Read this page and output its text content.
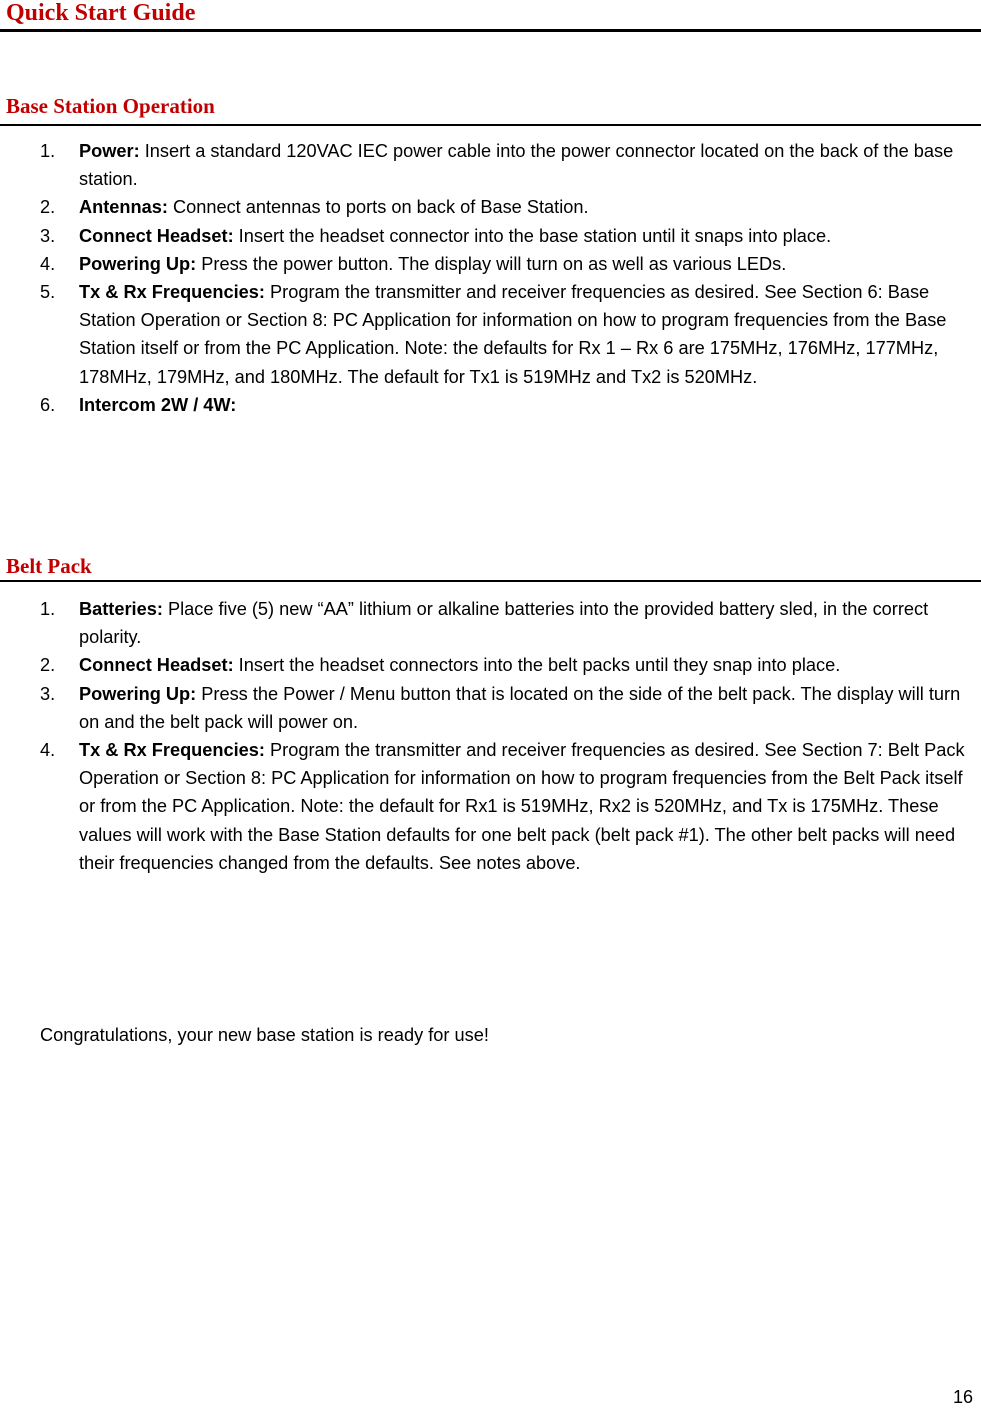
Quick Start Guide
Base Station Operation
1. Power: Insert a standard 120VAC IEC power cable into the power connector located on the back of the base station.
2. Antennas: Connect antennas to ports on back of Base Station.
3. Connect Headset: Insert the headset connector into the base station until it snaps into place.
4. Powering Up: Press the power button. The display will turn on as well as various LEDs.
5. Tx & Rx Frequencies: Program the transmitter and receiver frequencies as desired. See Section 6: Base Station Operation or Section 8: PC Application for information on how to program frequencies from the Base Station itself or from the PC Application. Note: the defaults for Rx 1 – Rx 6 are 175MHz, 176MHz, 177MHz, 178MHz, 179MHz, and 180MHz. The default for Tx1 is 519MHz and Tx2 is 520MHz.
6. Intercom 2W / 4W:
Belt Pack
1. Batteries: Place five (5) new “AA” lithium or alkaline batteries into the provided battery sled, in the correct polarity.
2. Connect Headset: Insert the headset connectors into the belt packs until they snap into place.
3. Powering Up: Press the Power / Menu button that is located on the side of the belt pack. The display will turn on and the belt pack will power on.
4. Tx & Rx Frequencies: Program the transmitter and receiver frequencies as desired. See Section 7: Belt Pack Operation or Section 8: PC Application for information on how to program frequencies from the Belt Pack itself or from the PC Application. Note: the default for Rx1 is 519MHz, Rx2 is 520MHz, and Tx is 175MHz. These values will work with the Base Station defaults for one belt pack (belt pack #1). The other belt packs will need their frequencies changed from the defaults. See notes above.

Congratulations, your new base station is ready for use!

16
